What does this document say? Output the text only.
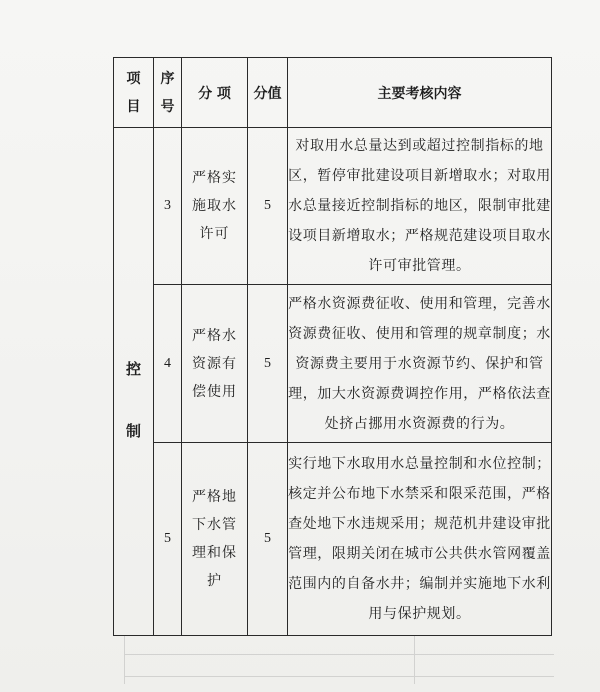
项目	序号	分 项	分值	主要考核内容
控制	3	严格实施取水许可	5	对取用水总量达到或超过控制指标的地区，暂停审批建设项目新增取水；对取用水总量接近控制指标的地区，限制审批建设项目新增取水；严格规范建设项目取水许可审批管理。

	4	严格水资源有偿使用	5	严格水资源费征收、使用和管理，完善水资源费征收、使用和管理的规章制度；水资源费主要用于水资源节约、保护和管理，加大水资源费调控作用，严格依法查处挤占挪用水资源费的行为。

	5	严格地下水管理和保护	5	实行地下水取用水总量控制和水位控制；核定并公布地下水禁采和限采范围，严格查处地下水违规采用；规范机井建设审批管理，限期关闭在城市公共供水管网覆盖范围内的自备水井；编制并实施地下水利用与保护规划。
